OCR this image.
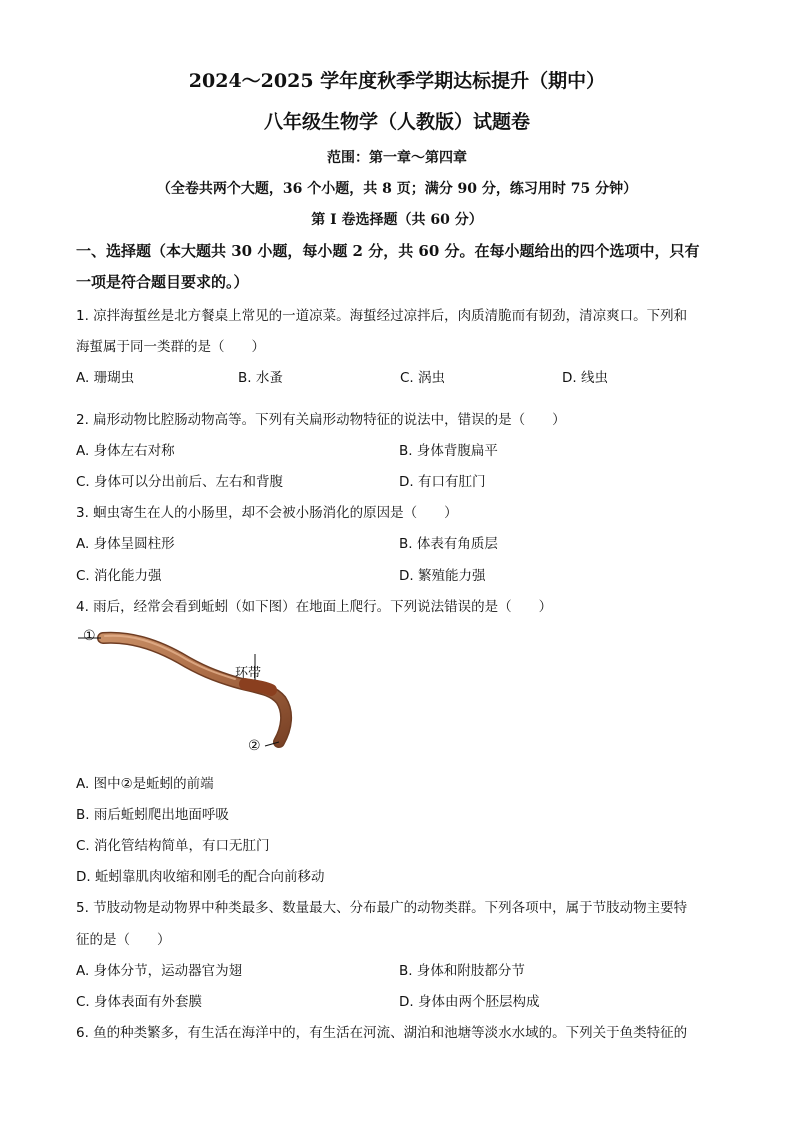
2024～2025 学年度秋季学期达标提升（期中）
八年级生物学（人教版）试题卷
范围：第一章～第四章
（全卷共两个大题，36 个小题，共 8 页；满分 90 分，练习用时 75 分钟）
第 I 卷选择题（共 60 分）
一、选择题（本大题共 30 小题，每小题 2 分，共 60 分。在每小题给出的四个选项中，只有
一项是符合题目要求的。）
1. 凉拌海蜇丝是北方餐桌上常见的一道凉菜。海蜇经过凉拌后，肉质清脆而有韧劲，清凉爽口。下列和
海蜇属于同一类群的是（　　）
A. 珊瑚虫	B. 水蚤	C. 涡虫	D. 线虫
2. 扁形动物比腔肠动物高等。下列有关扁形动物特征的说法中，错误的是（　　）
A. 身体左右对称	B. 身体背腹扁平
C. 身体可以分出前后、左右和背腹	D. 有口有肛门
3. 蛔虫寄生在人的小肠里，却不会被小肠消化的原因是（　　）
A. 身体呈圆柱形	B. 体表有角质层
C. 消化能力强	D. 繁殖能力强
4. 雨后，经常会看到蚯蚓（如下图）在地面上爬行。下列说法错误的是（　　）
①
环带
②
A. 图中②是蚯蚓的前端
B. 雨后蚯蚓爬出地面呼吸
C. 消化管结构简单，有口无肛门
D. 蚯蚓靠肌肉收缩和刚毛的配合向前移动
5. 节肢动物是动物界中种类最多、数量最大、分布最广的动物类群。下列各项中，属于节肢动物主要特
征的是（　　）
A. 身体分节，运动器官为翅	B. 身体和附肢都分节
C. 身体表面有外套膜	D. 身体由两个胚层构成
6. 鱼的种类繁多，有生活在海洋中的，有生活在河流、湖泊和池塘等淡水水域的。下列关于鱼类特征的
